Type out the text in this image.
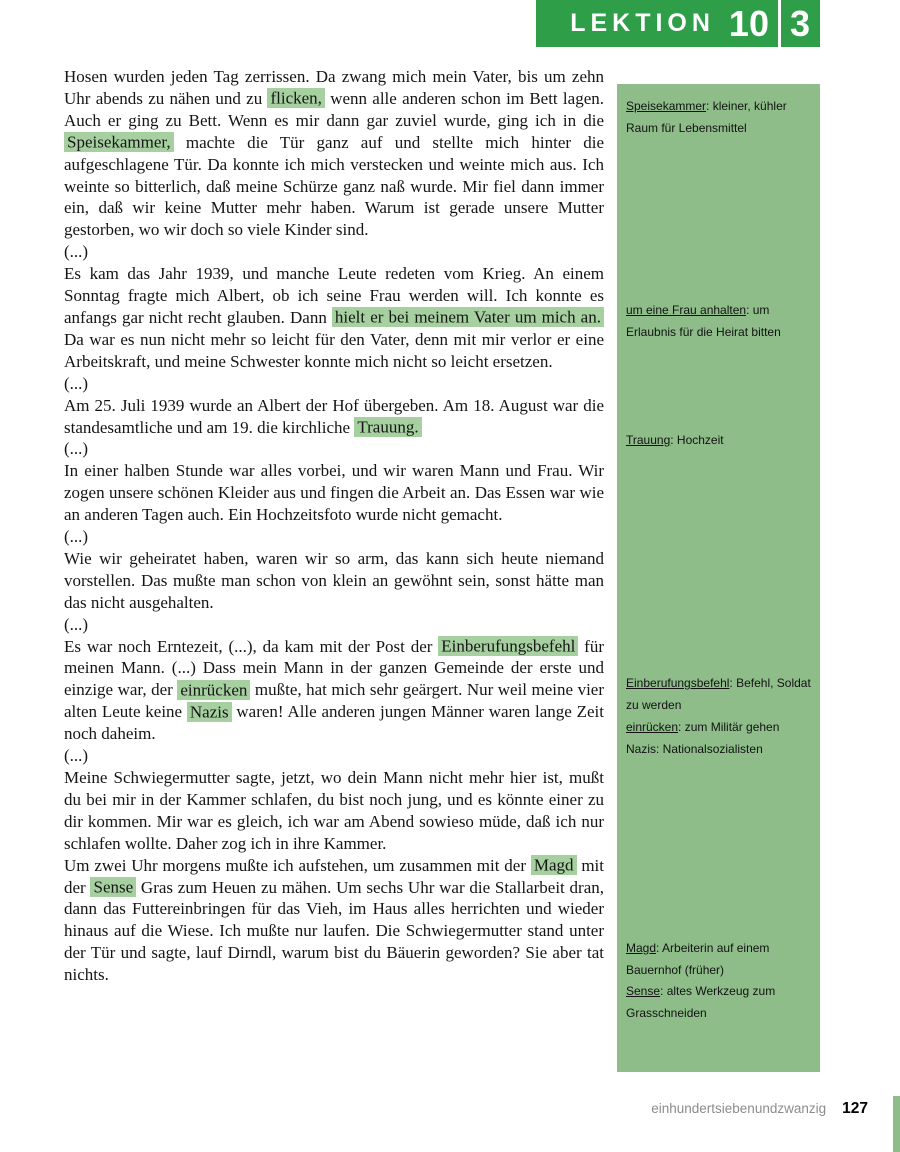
LEKTION 10 3
Hosen wurden jeden Tag zerrissen. Da zwang mich mein Vater, bis um zehn Uhr abends zu nähen und zu flicken, wenn alle anderen schon im Bett lagen. Auch er ging zu Bett. Wenn es mir dann gar zuviel wurde, ging ich in die Speisekammer, machte die Tür ganz auf und stellte mich hinter die aufgeschlagene Tür. Da konnte ich mich verstecken und weinte mich aus. Ich weinte so bitterlich, daß meine Schürze ganz naß wurde. Mir fiel dann immer ein, daß wir keine Mutter mehr haben. Warum ist gerade unsere Mutter gestorben, wo wir doch so viele Kinder sind.
(...)
Es kam das Jahr 1939, und manche Leute redeten vom Krieg. An einem Sonntag fragte mich Albert, ob ich seine Frau werden will. Ich konnte es anfangs gar nicht recht glauben. Dann hielt er bei meinem Vater um mich an. Da war es nun nicht mehr so leicht für den Vater, denn mit mir verlor er eine Arbeitskraft, und meine Schwester konnte mich nicht so leicht ersetzen.
(...)
Am 25. Juli 1939 wurde an Albert der Hof übergeben. Am 18. August war die standesamtliche und am 19. die kirchliche Trauung.
(...)
In einer halben Stunde war alles vorbei, und wir waren Mann und Frau. Wir zogen unsere schönen Kleider aus und fingen die Arbeit an. Das Essen war wie an anderen Tagen auch. Ein Hochzeitsfoto wurde nicht gemacht.
(...)
Wie wir geheiratet haben, waren wir so arm, das kann sich heute niemand vorstellen. Das mußte man schon von klein an gewöhnt sein, sonst hätte man das nicht ausgehalten.
(...)
Es war noch Erntezeit, (...), da kam mit der Post der Einberufungsbefehl für meinen Mann. (...) Dass mein Mann in der ganzen Gemeinde der erste und einzige war, der einrücken mußte, hat mich sehr geärgert. Nur weil meine vier alten Leute keine Nazis waren! Alle anderen jungen Männer waren lange Zeit noch daheim.
(...)
Meine Schwiegermutter sagte, jetzt, wo dein Mann nicht mehr hier ist, mußt du bei mir in der Kammer schlafen, du bist noch jung, und es könnte einer zu dir kommen. Mir war es gleich, ich war am Abend sowieso müde, daß ich nur schlafen wollte. Daher zog ich in ihre Kammer.
Um zwei Uhr morgens mußte ich aufstehen, um zusammen mit der Magd mit der Sense Gras zum Heuen zu mähen. Um sechs Uhr war die Stallarbeit dran, dann das Futtereinbringen für das Vieh, im Haus alles herrichten und wieder hinaus auf die Wiese. Ich mußte nur laufen. Die Schwiegermutter stand unter der Tür und sagte, lauf Dirndl, warum bist du Bäuerin geworden? Sie aber tat nichts.
Speisekammer: kleiner, kühler Raum für Lebensmittel
um eine Frau anhalten: um Erlaubnis für die Heirat bitten
Trauung: Hochzeit
Einberufungsbefehl: Befehl, Soldat zu werden
einrücken: zum Militär gehen
Nazis: Nationalsozialisten
Magd: Arbeiterin auf einem Bauernhof (früher)
Sense: altes Werkzeug zum Grasschneiden
einhundertsiebenundzwanzig 127
